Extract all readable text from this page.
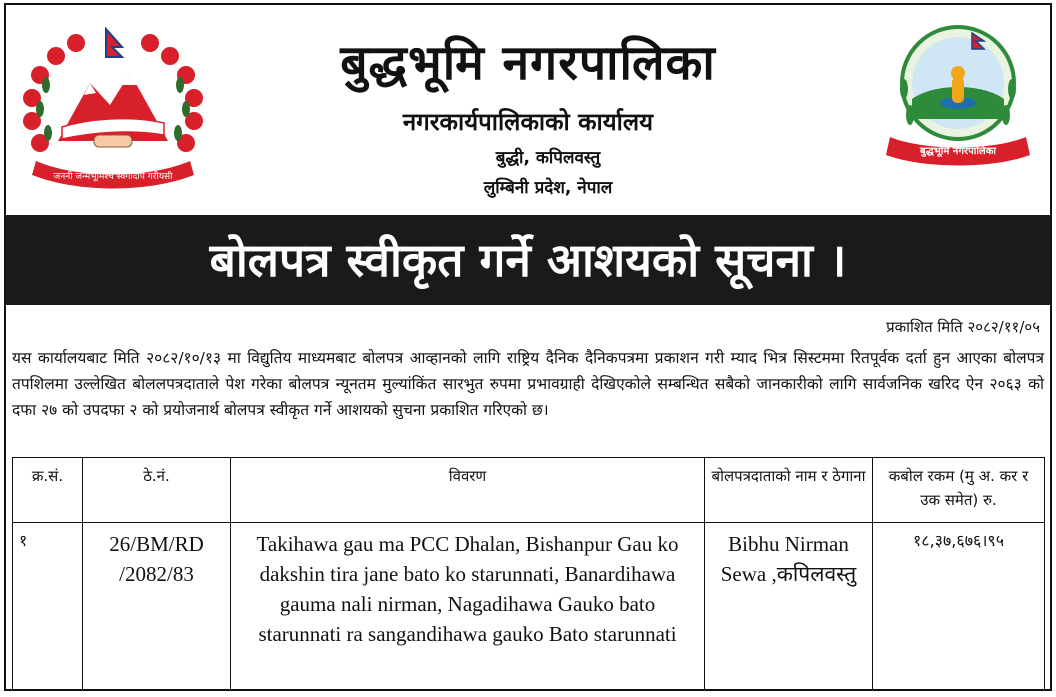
जननी जन्मभूमिश्च स्वर्गादपि गरीयसी
बुद्धभूमि नगरपालिका
नगरकार्यपालिकाको कार्यालय
बुद्धी, कपिलवस्तु
लुम्बिनी प्रदेश, नेपाल
बुद्धभूमि नगरपालिका
बोलपत्र स्वीकृत गर्ने आशयको सूचना ।
प्रकाशित मिति २०८२/११/०५
यस कार्यालयबाट मिति २०८२/१०/१३ मा विद्युतिय माध्यमबाट बोलपत्र आव्हानको लागि राष्ट्रिय दैनिक दैनिकपत्रमा प्रकाशन गरी म्याद भित्र सिस्टममा रितपूर्वक दर्ता हुन आएका बोलपत्र तपशिलमा उल्लेखित बोललपत्रदाताले पेश गरेका बोलपत्र न्यूनतम मुल्यांकिंत सारभुत रुपमा प्रभावग्राही देखिएकोले सम्बन्धित सबैको जानकारीको लागि सार्वजनिक खरिद ऐन २०६३ को दफा २७ को उपदफा २ को प्रयोजनार्थ बोलपत्र स्वीकृत गर्ने आशयको सुचना प्रकाशित गरिएको छ।
क्र.सं.	ठे.नं.	विवरण	बोलपत्रदाताको नाम र ठेगाना	कबोल रकम (मु अ. कर र उक समेत) रु.
१	26/BM/RD /2082/83	Takihawa gau ma PCC Dhalan, Bishanpur Gau ko dakshin tira jane bato ko starunnati, Banardihawa gauma nali nirman, Nagadihawa Gauko bato starunnati ra sangandihawa gauko Bato starunnati	Bibhu Nirman Sewa ,कपिलवस्तु	१८,३७,६७६।९५
